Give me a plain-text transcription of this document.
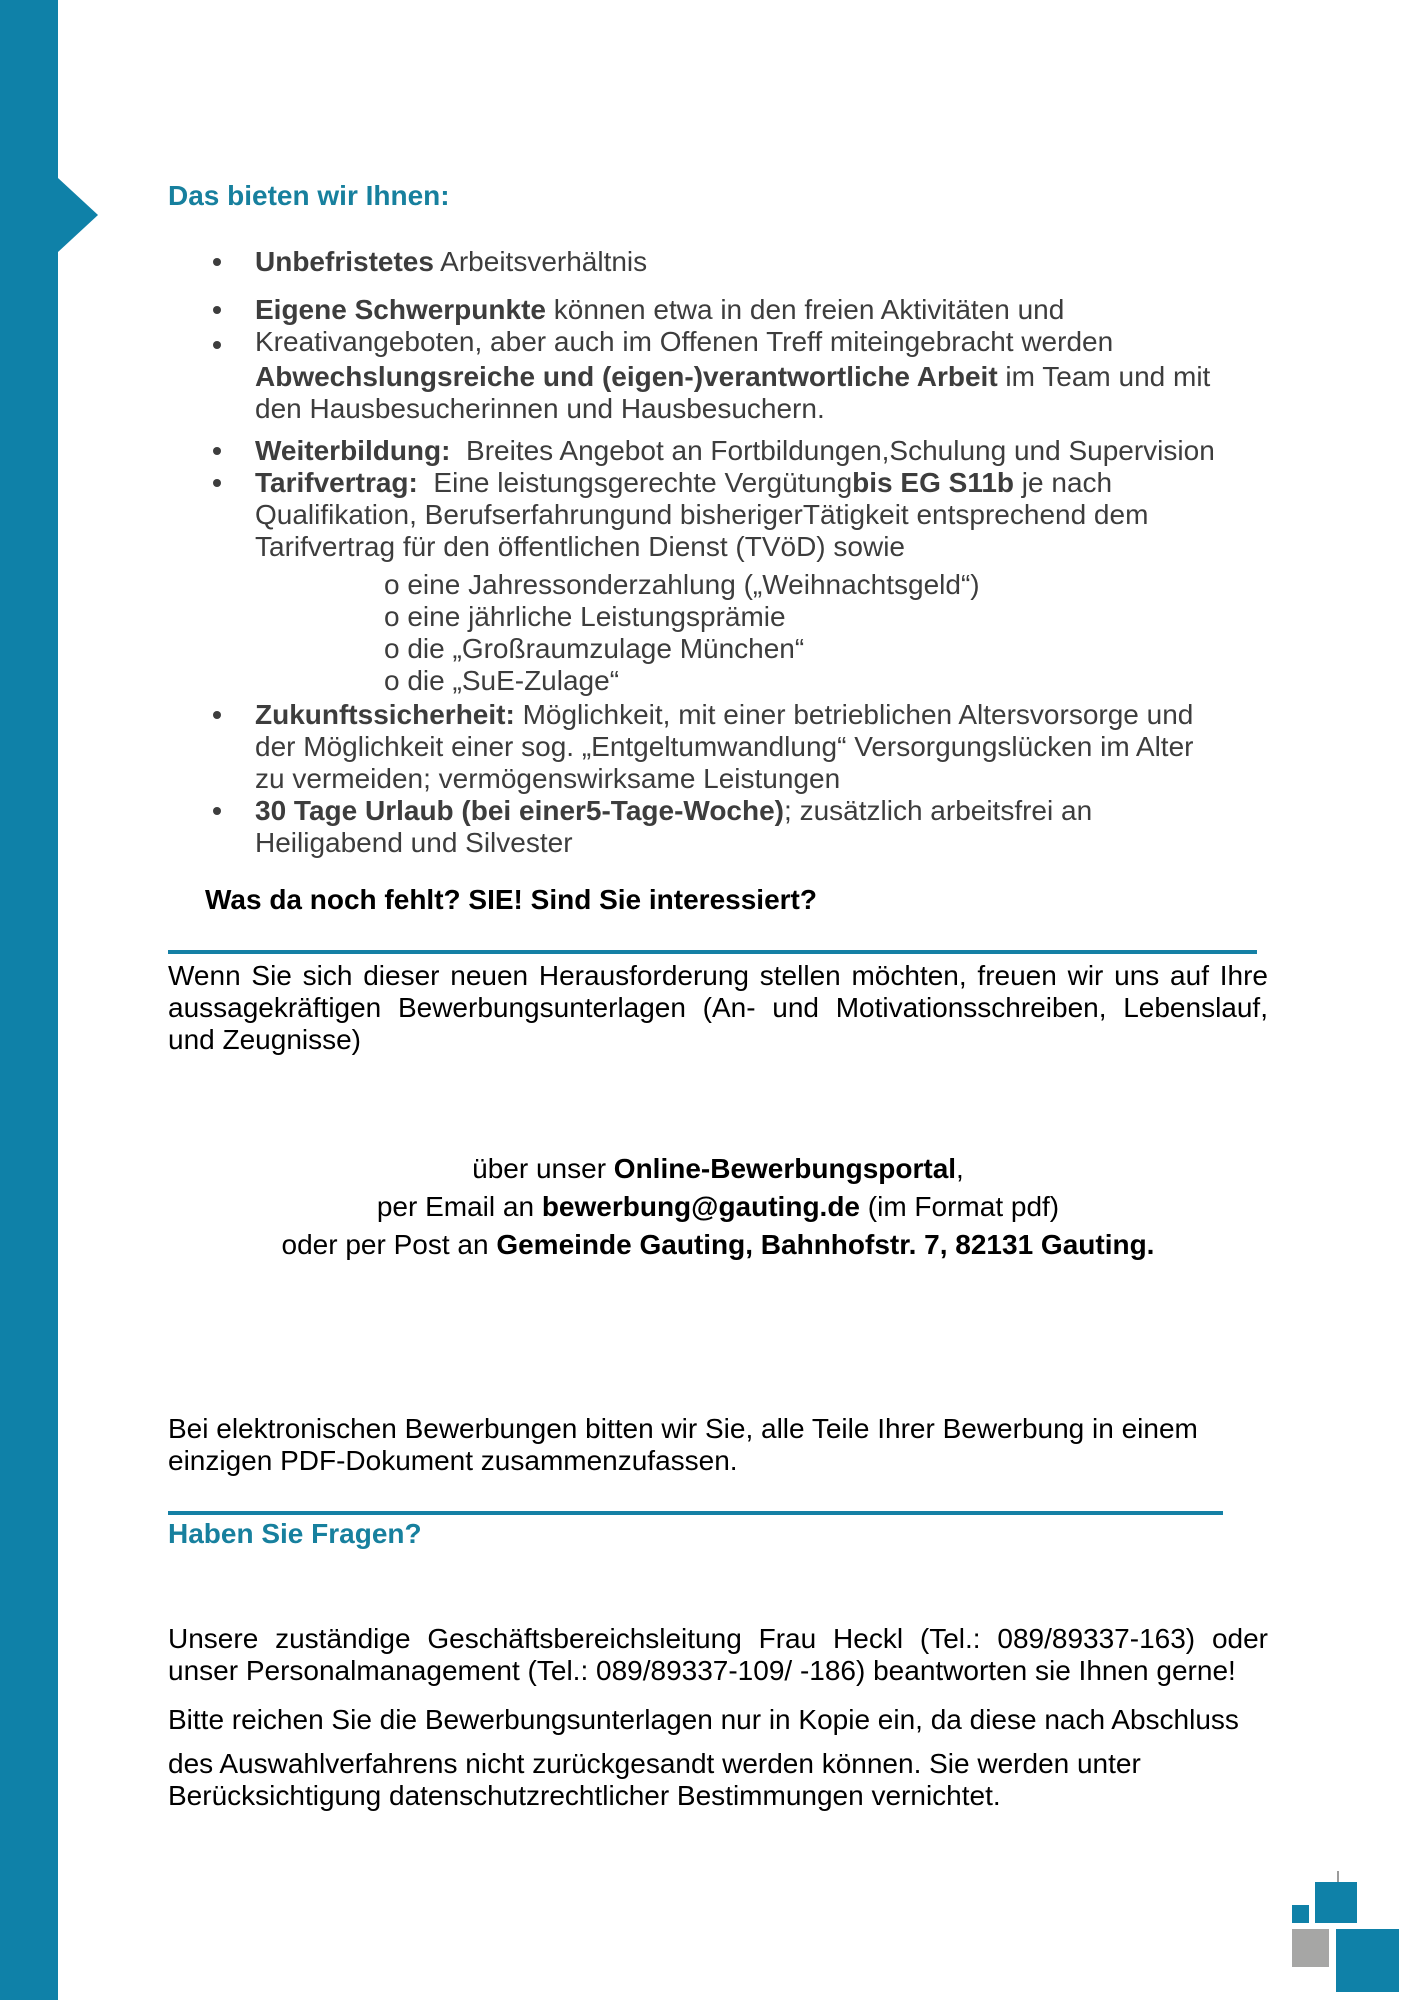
Das bieten wir Ihnen:
Unbefristetes Arbeitsverhältnis
Eigene Schwerpunkte können etwa in den freien Aktivitäten und
Kreativangeboten, aber auch im Offenen Treff miteingebracht werden
Abwechslungsreiche und (eigen-)verantwortliche Arbeit im Team und mit
den Hausbesucherinnen und Hausbesuchern.
Weiterbildung:  Breites Angebot an Fortbildungen,Schulung und Supervision
Tarifvertrag:  Eine leistungsgerechte Vergütungbis EG S11b je nach
Qualifikation, Berufserfahrungund bisherigerTätigkeit entsprechend dem
Tarifvertrag für den öffentlichen Dienst (TVöD) sowie
o eine Jahressonderzahlung („Weihnachtsgeld“)
o eine jährliche Leistungsprämie
o die „Großraumzulage München“
o die „SuE-Zulage“
Zukunftssicherheit: Möglichkeit, mit einer betrieblichen Altersvorsorge und
der Möglichkeit einer sog. „Entgeltumwandlung“ Versorgungslücken im Alter
zu vermeiden; vermögenswirksame Leistungen
30 Tage Urlaub (bei einer5-Tage-Woche); zusätzlich arbeitsfrei an
Heiligabend und Silvester
Was da noch fehlt? SIE! Sind Sie interessiert?

Wenn Sie sich dieser neuen Herausforderung stellen möchten, freuen wir uns auf Ihre aussagekräftigen Bewerbungsunterlagen (An- und Motivationsschreiben, Lebenslauf, und Zeugnisse)

über unser Online-Bewerbungsportal,
per Email an bewerbung@gauting.de (im Format pdf)
oder per Post an Gemeinde Gauting, Bahnhofstr. 7, 82131 Gauting.

Bei elektronischen Bewerbungen bitten wir Sie, alle Teile Ihrer Bewerbung in einem einzigen PDF-Dokument zusammenzufassen.

Haben Sie Fragen?

Unsere zuständige Geschäftsbereichsleitung Frau Heckl (Tel.: 089/89337-163) oder unser Personalmanagement (Tel.: 089/89337-109/ -186) beantworten sie Ihnen gerne!

Bitte reichen Sie die Bewerbungsunterlagen nur in Kopie ein, da diese nach Abschluss

des Auswahlverfahrens nicht zurückgesandt werden können. Sie werden unter Berücksichtigung datenschutzrechtlicher Bestimmungen vernichtet.
